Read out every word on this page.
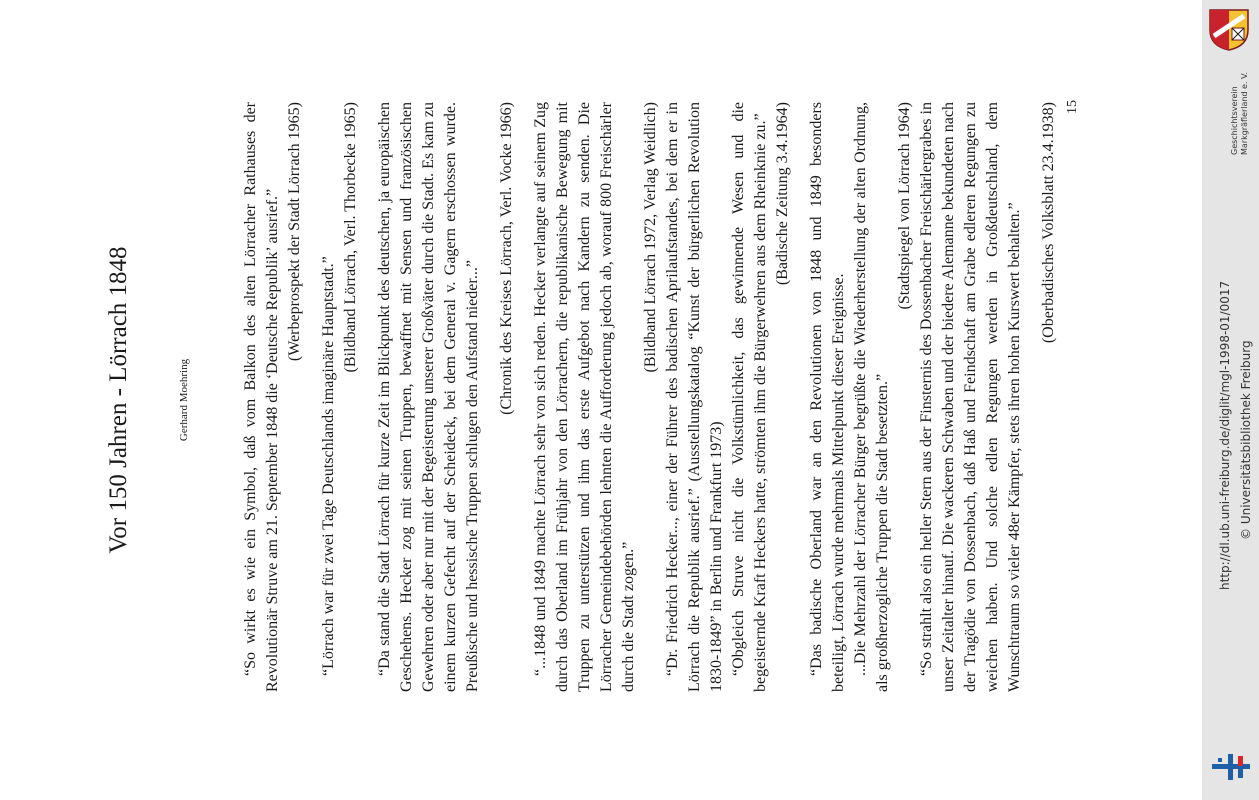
Vor 150 Jahren - Lörrach 1848	Gerhard Moehring	“So wirkt es wie ein Symbol, daß vom Balkon des alten Lörracher Rathauses der Revolutionär Struve am 21. September 1848 die ‘Deutsche Republik’ ausrief.” (Werbeprospekt der Stadt Lörrach 1965)

“Lörrach war für zwei Tage Deutschlands imaginäre Hauptstadt.”

(Bildband Lörrach, Verl. Thorbecke 1965) “Da stand die Stadt Lörrach für kurze Zeit im Blickpunkt des deutschen, ja europäischen Geschehens. Hecker zog mit seinen Truppen, bewaffnet mit Sensen und französischen Gewehren oder aber nur mit der Begeisterung unserer Großväter durch die Stadt. Es kam zu einem kurzen Gefecht auf der Scheideck, bei dem General v. Gagern erschossen wurde. Preußische und hessische Truppen schlugen den Aufstand nieder...”

(Chronik des Kreises Lörrach, Verl. Vocke 1966) “...1848 und 1849 machte Lörrach sehr von sich reden. Hecker verlangte auf seinem Zug durch das Oberland im Frühjahr von den Lörrachern, die republikanische Bewegung mit Truppen zu unterstützen und ihm das erste Aufgebot nach Kandern zu senden. Die Lörracher Gemeindebehörden lehnten die Aufforderung jedoch ab, worauf 800 Freischärler durch die Stadt zogen.”

(Bildband Lörrach 1972, Verlag Weidlich) “Dr. Friedrich Hecker..., einer der Führer des badischen Aprilaufstandes, bei dem er in Lörrach die Republik ausrief.” (Ausstellungskatalog “Kunst der bürgerlichen Revolution 1830-1849” in Berlin und Frankfurt 1973) “Obgleich Struve nicht die Volkstümlichkeit, das gewinnende Wesen und die begeisternde Kraft Heckers hatte, strömten ihm die Bürgerwehren aus dem Rheinknie zu.” (Badische Zeitung 3.4.1964) “Das badische Oberland war an den Revolutionen von 1848 und 1849 besonders beteiligt, Lörrach wurde mehrmals Mittelpunkt dieser Ereignisse. ...Die Mehrzahl der Lörracher Bürger begrüßte die Wiederherstellung der alten Ordnung, als großherzogliche Truppen die Stadt besetzten.”

(Stadtspiegel von Lörrach 1964) “So strahlt also ein heller Stern aus der Finsternis des Dossenbacher Freischärlergrabes in unser Zeitalter hinauf. Die wackeren Schwaben und der biedere Alemanne bekundeten nach der Tragödie von Dossenbach, daß Haß und Feindschaft am Grabe edleren Regungen zu weichen haben. Und solche edlen Regungen werden in Großdeutschland, dem Wunschtraum so vieler 48er Kämpfer, stets ihren hohen Kurswert behalten.” (Oberbadisches Volksblatt 23.4.1938) 15	Geschichtsverein Markgräflerland e. V.
http://dl.ub.uni-freiburg.de/diglit/mgl-1998-01/0017 © Universitätsbibliothek Freiburg
